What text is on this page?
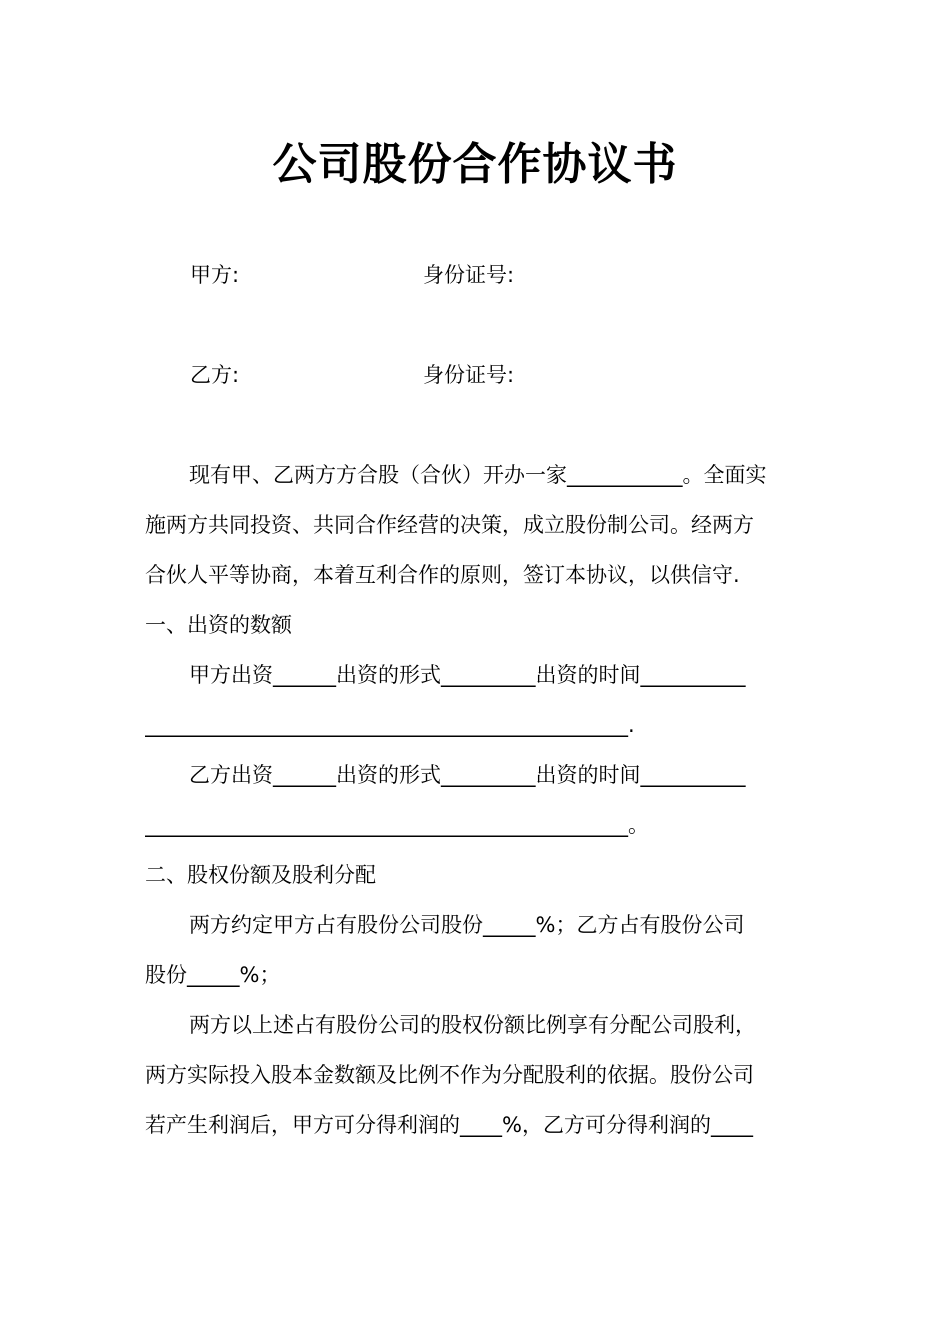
公司股份合作协议书
甲方:	身份证号:
乙方:	身份证号:
现有甲、乙两方方合股（合伙）开办一家___________。全面实
施两方共同投资、共同合作经营的决策，成立股份制公司。经两方
合伙人平等协商，本着互利合作的原则，签订本协议，以供信守.
一、出资的数额
甲方出资______出资的形式_________出资的时间__________
______________________________________________.
乙方出资______出资的形式_________出资的时间__________
______________________________________________。
二、股权份额及股利分配
两方约定甲方占有股份公司股份_____%；乙方占有股份公司
股份_____%；
两方以上述占有股份公司的股权份额比例享有分配公司股利，
两方实际投入股本金数额及比例不作为分配股利的依据。股份公司
若产生利润后，甲方可分得利润的____%，乙方可分得利润的____
